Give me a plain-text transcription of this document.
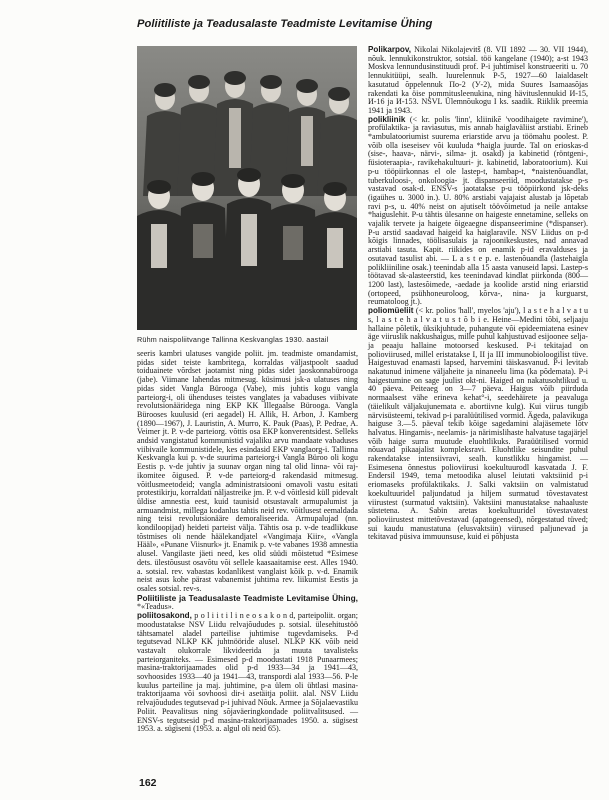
Poliitiliste ja Teadusalaste Teadmiste Levitamise Ühing
Rühm naispoliitvange Tallinna Keskvanglas 1930. aastail

seeris kambri ulatuses vangide poliit. jm. teadmiste omandamist, pidas sidet teiste kambritega, korraldas väljastpoolt saadud toiduainete võrdset jaotamist ning pidas sidet jaoskonnabürooga (jabe). Viimane lahendas mitmesug. küsimusi jsk-a ulatuses ning pidas sidet Vangla Bürooga (Vabe), mis juhtis kogu vangla parteiorg-i, oli ühenduses teistes vanglates ja vabaduses viibivate revolutsionääridega ning EKP KK Illegaalse Bürooga. Vangla Bürooses kuulusid (eri aegadel) H. Allik, H. Arbon, J. Kamberg (1890—1967), J. Lauristin, A. Murro, K. Pauk (Paas), P. Pedrae, A. Veimer jt. P. v-de parteiorg. võttis osa EKP konverentsidest. Selleks andsid vangistatud kommunistid vajaliku arvu mandaate vabaduses viibivaile kommunistidele, kes esindasid EKP vanglaorg-i. Tallinna Keskvangla kui p. v-de suurima parteiorg-i Vangla Büroo oli kogu Eestis p. v-de juhtiv ja suunav organ ning tal olid linna- või raj-ikomitee õigused. P. v-de parteiorg-d rakendasid mitmesug. võitlusmeetodeid; vangla administratsiooni omavoli vastu esitati protestikirju, korraldati näljastreike jm. P. v-d võitlesid küll pidevalt üldise amnestia eest, kuid taunisid otsustavalt armupalumist ja armuandmist, millega kodanlus tahtis neid rev. võitlusest eemaldada ning teisi revolutsionääre demoraliseerida. Armupalujad (nn. kondiloopijad) heideti parteist välja. Tähtis osa p. v-de teadlikkuse tõstmises oli nende häälekandjatel «Vangimaja Kiir», «Vangla Hääl», «Punane Viisnurk» jt. Enamik p. v-te vabanes 1938 amnestia alusel. Vangilaste jäeti need, kes olid süüdi mõistetud *Esimese dets. ülestõusust osavõtu või sellele kaasaaitamise eest. Alles 1940. a. sotsial. rev. vabastas kodanlikest vanglaist kõik p. v-d. Enamik neist asus kohe pärast vabanemist juhtima rev. liikumist Eestis ja osales sotsial. rev-s.

Poliitiliste ja Teadusalaste Teadmiste Levitamise Ühing, *«Teadus».

poliitosakond, p o l i i t i l i n e o s a k o n d, parteipoliit. organ; moodustatakse NSV Liidu relvajõududes p. sotsial. ülesehitustöö tähtsamatel aladel parteilise juhtimise tugevdamiseks. P-d tegutsevad NLKP KK juhtnööride alusel. NLKP KK võib neid vastavalt olukorrale likvideerida ja muuta tavalisteks parteiorganiteks. — Esimesed p-d moodustati 1918 Punaarmees; masina-traktorijaamades olid p-d 1933—34 ja 1941—43, sovhoosides 1933—40 ja 1941—43, transpordi alal 1933—56. P-le kuulus parteiline ja maj. juhtimine, p-a ülem oli ühtlasi masina-traktorijaama või sovhoosi dir-i asetäitja poliit. alal. NSV Liidu relvajõududes tegutsevad p-i juhivad Nõuk. Armee ja Sõjalaevastiku Poliit. Peavalitsus ning sõjaväeringkondade poliitvalitsused. — ENSV-s tegutsesid p-d masina-traktorijaamades 1950. a. sügisest 1953. a. sügiseni (1953. a. algul oli neid 65).

Polikarpov, Nikolai Nikolajevitš (8. VII 1892 — 30. VII 1944), nõuk. lennukikonstruktor, sotsial. töö kangelane (1940); a-st 1943 Moskva lennundusinstituudi prof. P-i juhtimisel konstrueeriti u. 70 lennukitüüpi, sealh. luurelennuk P-5, 1927—60 laialdaselt kasutatud õppelennuk По-2 (У-2), mida Suures Isamaasõjas rakendati ka öise pommitusleenukina, ning hävituslennukid И-15, И-16 ja И-153. NSVL Ülemnõukogu I ks. saadik. Riiklik preemia 1941 ja 1943.

polikliinik (< kr. polis 'linn', kliinikē 'voodihaigete ravimine'), profülaktika- ja raviasutus, mis annab haiglaväliist arstiabi. Erineb *ambulatooriumist suurema eriarstide arvu ja töömahu poolest. P. võib olla iseseisev või kuuluda *haigla juurde. Tal on erioskas-d (sise-, haava-, närvi-, silma- jt. osakd) ja kabinetid (röntgeni-, füsioteraapia-, ravikehakultuuri- jt. kabinetid, laboratoorium). Kui p-u tööpiirkonnas el ole lastep-t, hambap-t, *naistenõuandlat, tuberkuloosi-, onkoloogia- jt. dispanseeriid, moodustatakse p-s vastavad osak-d. ENSV-s jaotatakse p-u tööpiirkond jsk-deks (igaühes u. 3000 in.). U. 80% arstiabi vajajaist alustab ja lõpetab ravi p-s, u. 40% neist on ajutiselt töövõimetud ja neile antakse *haiguslehit. P-u tähtis ülesanne on haigeste ennetamine, selleks on vajalik tervete ja haigete õigeaegne dispanseerimine (*dispanser). P-u arstid saadavad haigeid ka haiglaravile. NSV Liidus on p-d kõigis linnades, töölisasulais ja rajoonikeskustes, nad annavad arstiabi tasuta. Kapit. riikides on enamik p-id eravalduses ja osutavad tasulist abi. — L a s t e p. e. lastenõuandla (lastehaigla polikliiniline osak.) teenindab alla 15 aasta vanuseid lapsi. Lastep-s töötavad sk-alasteerstid, kes teenindavad kindlat piirkonda (800—1200 last), lastesõimede, -aedade ja koolide arstid ning eriarstid (ortopeed, psühhoneuroloog, kõrva-, nina- ja kurguarst, reumatoloog jt.).

poliomüeliit (< kr. polios 'hall', myelos 'aju'), l a s t e h a l v a t u s, l a s t e h a l v a t u s t õ b i e. Heine—Medini tõbi, seljaaju hallaine põletik, üksikjuhtude, puhangute või epideemiatena esinev äge viiruslik nakkushaigus, mille puhul kahjustuvad esijoonee selja- ja peaaju hallaine motoorsed keskused. P-i tekitajad on polioviirused, millel eristatakse I, II ja III immunobioloogilist tüve. Haigestuvad enamasti lapsed, harvemini täiskasvanud. P-i levitab nakatunud inimene väljaheite ja ninaneelu lima (ka põdemata). P-i haigestumine on sagе juulist okt-ni. Haiged on nakatusohtlikud u. 40 päeva. Peiteaeg on 3—7 päeva. Haigus võib piirduda normaalsest vähe erineva kehat°-i, seedehäirete ja peavaluga (täielikult väljakujunemata e. abortiivne kulg). Kui viirus tungib närvisüsteemi, tekivad p-i paralüütilised vormid. Ägeda, palavikuga haiguse 3.—5. päeval tekib kõige sagedamini alajäsemete lõtv halvatus. Hingamis-, neelamis- ja närimislihaste halvatuse tagajärjel võib haige surra muutude eluohtlikuks. Paraüütilised vormid nõuavad pikaajalist kompleksravi. Eluohtlike seisundite puhul rakendatakse intensiivravi, sealh. kunstlikku hingamist. — Esimesena õnnestus polioviirusi koekultuurodl kasvatada J. F. Endersil 1949, tema metoodika alusel leiutati vaktsiinid p-i eriomaseks profülaktikaks. J. Salki vaktsiin on valmistatud koekultuuridel paljundatud ja hiljem surmatud tõvestavatest viirustest (surmatud vaktsiin). Vaktsiini manustatakse nahaaluste süstetena. A. Sabin aretas koekultuuridel tõvestavatest polioviirustest mittetõvestavad (apatogeensed), nõrgestatud tüved; sui kaudu manustatuna (elusvaktsiin) viirused paljunevad ja tekitavad püsiva immuunsuse, kuid ei põhjusta

162
